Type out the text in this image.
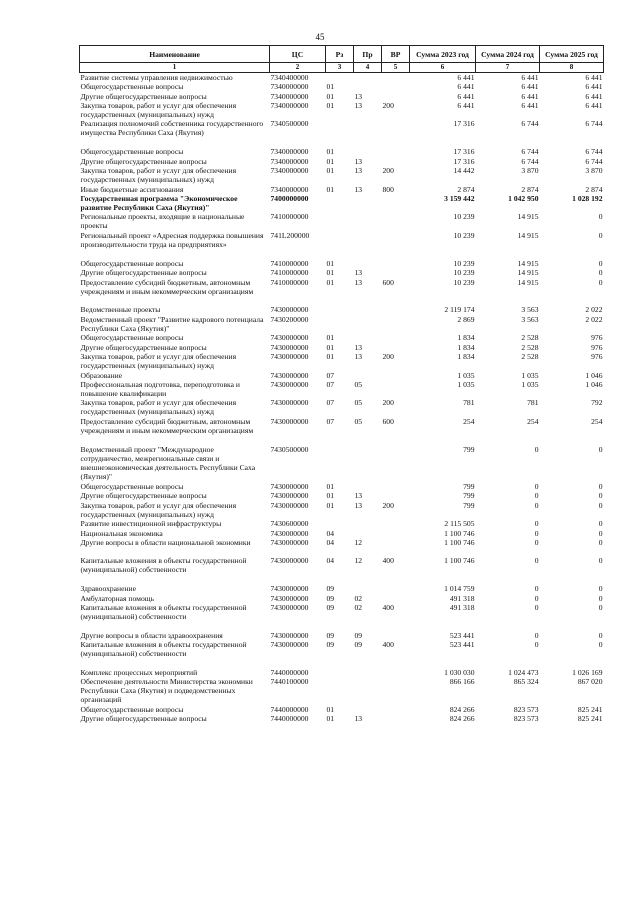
45
Наименование	ЦС	Рз	Пр	ВР	Сумма 2023 год	Сумма 2024 год	Сумма 2025 год
1	2	3	4	5	6	7	8
Развитие системы управления недвижимостью	7340400000				6 441	6 441	6 441
Общегосударственные вопросы	7340000000	01			6 441	6 441	6 441
Другие общегосударственные вопросы	7340000000	01	13		6 441	6 441	6 441
Закупка товаров, работ и услуг для обеспечения государственных (муниципальных) нужд	7340000000	01	13	200	6 441	6 441	6 441
Реализация полномочий собственника государственного имущества Республики Саха (Якутия)	7340500000				17 316	6 744	6 744
Общегосударственные вопросы	7340000000	01			17 316	6 744	6 744
Другие общегосударственные вопросы	7340000000	01	13		17 316	6 744	6 744
Закупка товаров, работ и услуг для обеспечения государственных (муниципальных) нужд	7340000000	01	13	200	14 442	3 870	3 870
Иные бюджетные ассигнования	7340000000	01	13	800	2 874	2 874	2 874
Государственная программа "Экономическое развитие Республики Саха (Якутия)"	7400000000				3 159 442	1 042 950	1 028 192
Региональные проекты, входящие в национальные проекты	7410000000				10 239	14 915	0
Региональный проект «Адресная поддержка повышения производительности труда на предприятиях»	741L200000				10 239	14 915	0
Общегосударственные вопросы	7410000000	01			10 239	14 915	0
Другие общегосударственные вопросы	7410000000	01	13		10 239	14 915	0
Предоставление субсидий бюджетным, автономным учреждениям и иным некоммерческим организациям	7410000000	01	13	600	10 239	14 915	0

Ведомственные проекты	7430000000				2 119 174	3 563	2 022
Ведомственный проект "Развитие кадрового потенциала Республики Саха (Якутия)"	7430200000				2 869	3 563	2 022
Общегосударственные вопросы	7430000000	01			1 834	2 528	976
Другие общегосударственные вопросы	7430000000	01	13		1 834	2 528	976
Закупка товаров, работ и услуг для обеспечения государственных (муниципальных) нужд	7430000000	01	13	200	1 834	2 528	976
Образование	7430000000	07			1 035	1 035	1 046
Профессиональная подготовка, переподготовка и повышение квалификации	7430000000	07	05		1 035	1 035	1 046
Закупка товаров, работ и услуг для обеспечения государственных (муниципальных) нужд	7430000000	07	05	200	781	781	792
Предоставление субсидий бюджетным, автономным учреждениям и иным некоммерческим организациям	7430000000	07	05	600	254	254	254

Ведомственный проект "Международное сотрудничество, межрегиональные связи и внешнеэкономическая деятельность Республики Саха (Якутия)"	7430500000				799	0	0
Общегосударственные вопросы	7430000000	01			799	0	0
Другие общегосударственные вопросы	7430000000	01	13		799	0	0
Закупка товаров, работ и услуг для обеспечения государственных (муниципальных) нужд	7430000000	01	13	200	799	0	0
Развитие инвестиционной инфраструктуры	7430600000				2 115 505	0	0
Национальная экономика	7430000000	04			1 100 746	0	0
Другие вопросы в области национальной экономики	7430000000	04	12		1 100 746	0	0

Капитальные вложения в объекты государственной (муниципальной) собственности	7430000000	04	12	400	1 100 746	0	0

Здравоохранение	7430000000	09			1 014 759	0	0
Амбулаторная помощь	7430000000	09	02		491 318	0	0
Капитальные вложения в объекты государственной (муниципальной) собственности	7430000000	09	02	400	491 318	0	0

Другие вопросы в области здравоохранения	7430000000	09	09		523 441	0	0
Капитальные вложения в объекты государственной (муниципальной) собственности	7430000000	09	09	400	523 441	0	0

Комплекс процессных мероприятий	7440000000				1 030 030	1 024 473	1 026 169
Обеспечение деятельности Министерства экономики Республики Саха (Якутия) и подведомственных организаций	7440100000				866 166	865 324	867 020
Общегосударственные вопросы	7440000000	01			824 266	823 573	825 241
Другие общегосударственные вопросы	7440000000	01	13		824 266	823 573	825 241
